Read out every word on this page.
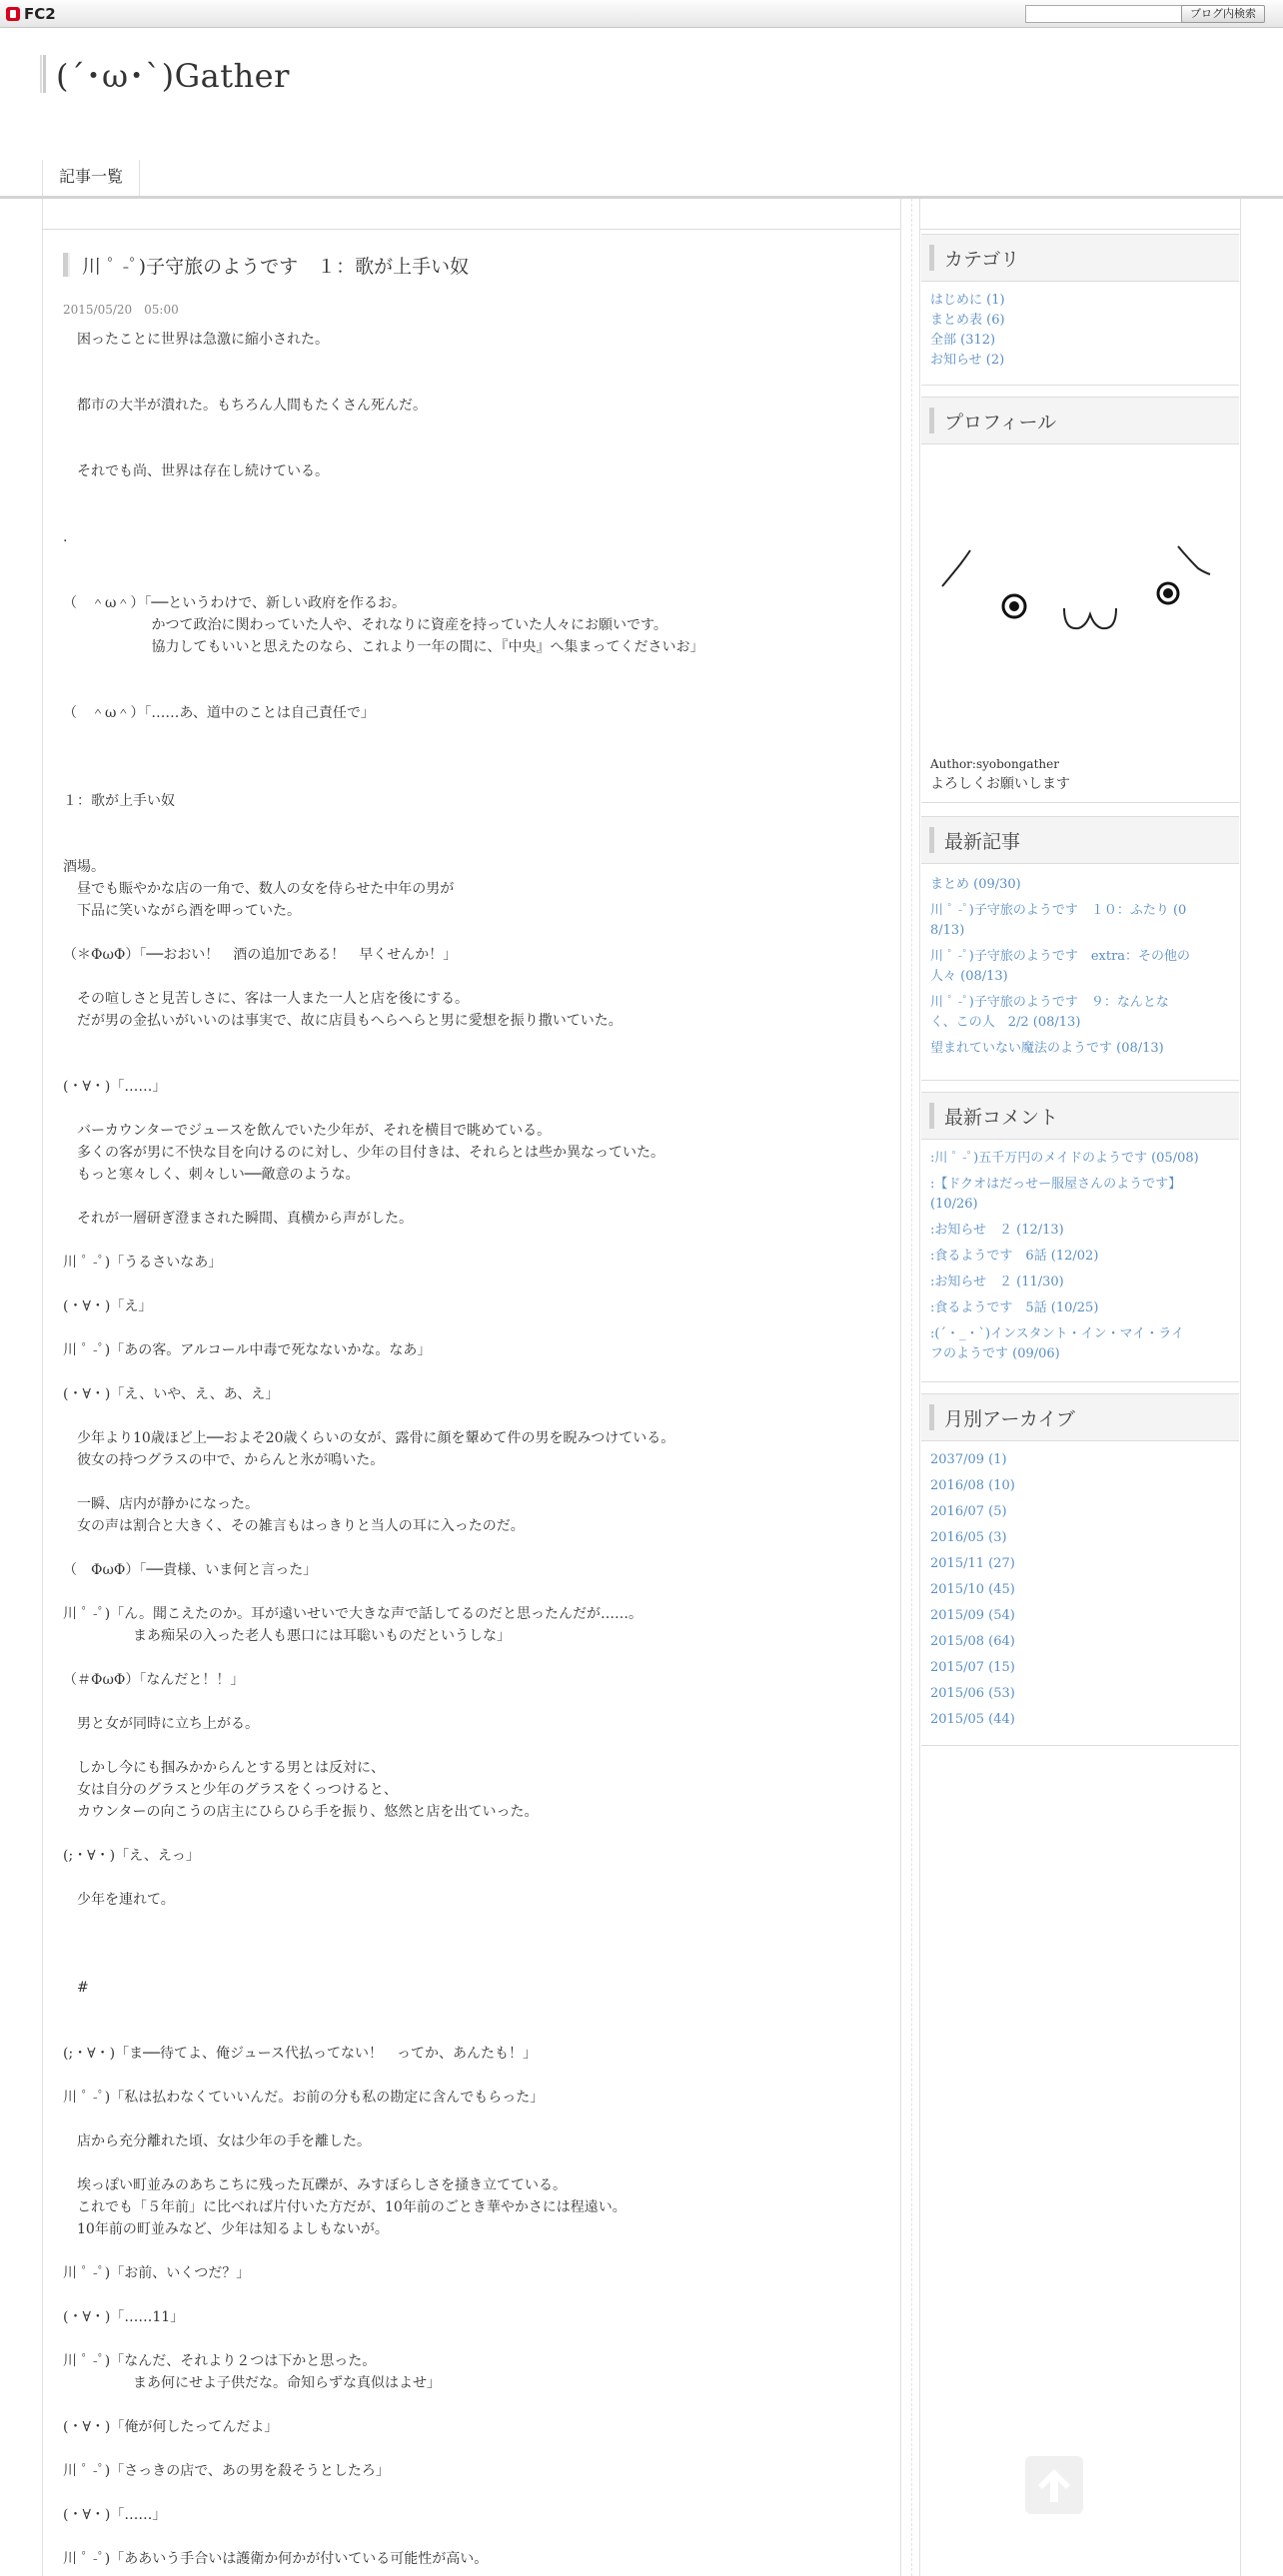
FC2	ブログ内検索
(´･ω･`)Gather
記事一覧
川 ﾟ -ﾟ)子守旅のようです　１：歌が上手い奴
2015/05/20　05:00
　困ったことに世界は急激に縮小された。
　都市の大半が潰れた。もちろん人間もたくさん死んだ。
　それでも尚、世界は存在し続けている。
.
（　＾ω＾）「──というわけで、新しい政府を作るお。
　　　　　　 かつて政治に関わっていた人や、それなりに資産を持っていた人々にお願いです。
　　　　　　 協力してもいいと思えたのなら、これより一年の間に、『中央』へ集まってくださいお」
（　＾ω＾）「……あ、道中のことは自己責任で」
１：歌が上手い奴
酒場。
　昼でも賑やかな店の一角で、数人の女を侍らせた中年の男が
　下品に笑いながら酒を呷っていた。
（＊ΦωΦ）「──おおい！　酒の追加である！　早くせんか！」
　その喧しさと見苦しさに、客は一人また一人と店を後にする。
　だが男の金払いがいいのは事実で、故に店員もへらへらと男に愛想を振り撒いていた。
(・∀・)「……」
　バーカウンターでジュースを飲んでいた少年が、それを横目で眺めている。
　多くの客が男に不快な目を向けるのに対し、少年の目付きは、それらとは些か異なっていた。
　もっと寒々しく、刺々しい──敵意のような。
　それが一層研ぎ澄まされた瞬間、真横から声がした。
川 ﾟ -ﾟ)「うるさいなあ」
(・∀・)「え」
川 ﾟ -ﾟ)「あの客。アルコール中毒で死なないかな。なあ」
(・∀・)「え、いや、え、あ、え」
　少年より10歳ほど上──およそ20歳くらいの女が、露骨に顔を顰めて件の男を睨みつけている。
　彼女の持つグラスの中で、からんと氷が鳴いた。
　一瞬、店内が静かになった。
　女の声は割合と大きく、その雑言もはっきりと当人の耳に入ったのだ。
（　ΦωΦ）「──貴様、いま何と言った」
川 ﾟ -ﾟ)「ん。聞こえたのか。耳が遠いせいで大きな声で話してるのだと思ったんだが……。
　　　　　まあ痴呆の入った老人も悪口には耳聡いものだというしな」
（＃ΦωΦ）「なんだと！！」
　男と女が同時に立ち上がる。
　しかし今にも掴みかからんとする男とは反対に、
　女は自分のグラスと少年のグラスをくっつけると、
　カウンターの向こうの店主にひらひら手を振り、悠然と店を出ていった。
(;・∀・)「え、えっ」
　少年を連れて。
　#
(;・∀・)「ま──待てよ、俺ジュース代払ってない！　ってか、あんたも！」
川 ﾟ -ﾟ)「私は払わなくていいんだ。お前の分も私の勘定に含んでもらった」
　店から充分離れた頃、女は少年の手を離した。
　埃っぽい町並みのあちこちに残った瓦礫が、みすぼらしさを掻き立てている。
　これでも「５年前」に比べれば片付いた方だが、10年前のごとき華やかさには程遠い。
　10年前の町並みなど、少年は知るよしもないが。
川 ﾟ -ﾟ)「お前、いくつだ？」
(・∀・)「……11」
川 ﾟ -ﾟ)「なんだ、それより２つは下かと思った。
　　　　　まあ何にせよ子供だな。命知らずな真似はよせ」
(・∀・)「俺が何したってんだよ」
川 ﾟ -ﾟ)「さっきの店で、あの男を殺そうとしたろ」
(・∀・)「……」
川 ﾟ -ﾟ)「ああいう手合いは護衛か何かが付いている可能性が高い。
カテゴリ
プロフィール
Author:syobongather
よろしくお願いします
最新記事
最新コメント
月別アーカイブ
はじめに (1)
まとめ表 (6)
全部 (312)
お知らせ (2)
まとめ (09/30)
川 ﾟ -ﾟ)子守旅のようです　１０：ふたり (0
8/13)
川 ﾟ -ﾟ)子守旅のようです　extra：その他の
人々 (08/13)
川 ﾟ -ﾟ)子守旅のようです　９：なんとな
く、この人　2/2 (08/13)
望まれていない魔法のようです (08/13)
:川 ﾟ -ﾟ)五千万円のメイドのようです (05/08)
:【ドクオはだっせー服屋さんのようです】
(10/26)
:お知らせ　２ (12/13)
:食るようです　6話 (12/02)
:お知らせ　２ (11/30)
:食るようです　5話 (10/25)
:(´・_・`)インスタント・イン・マイ・ライ
フのようです (09/06)
2037/09 (1)
2016/08 (10)
2016/07 (5)
2016/05 (3)
2015/11 (27)
2015/10 (45)
2015/09 (54)
2015/08 (64)
2015/07 (15)
2015/06 (53)
2015/05 (44)
